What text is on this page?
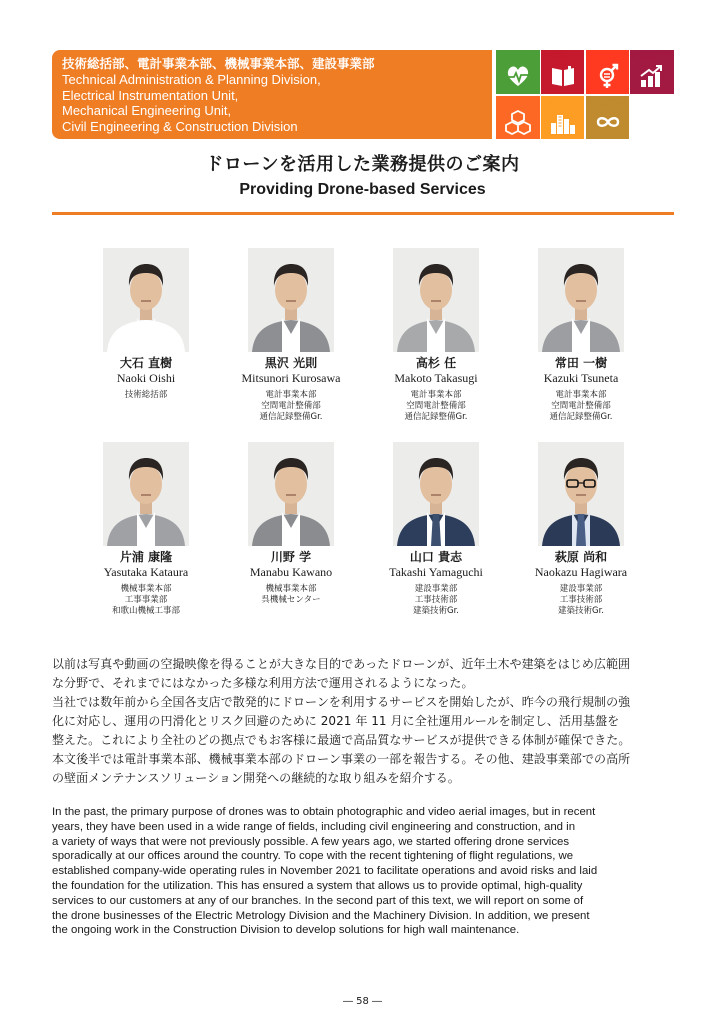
技術総括部、電計事業本部、機械事業本部、建設事業部
Technical Administration & Planning Division,
Electrical Instrumentation Unit,
Mechanical Engineering Unit,
Civil Engineering & Construction Division
3 GOOD HEALTH AND WELL-BEING	4 QUALITY EDUCATION	5 GENDER EQUALITY 8 DECENT WORK AND ECONOMIC GROWTH
9 INDUSTRY, INNOVATION AND INFRASTRUCTURE 11
SUSTAINABLE CITIES AND COMMUNITIES	12
RESPONSIBLE CONSUMPTION AND PRODUCTION
ドローンを活用した業務提供のご案内
Providing Drone-based Services
大石 直樹
Naoki Oishi
技術総括部
黒沢 光則
Mitsunori Kurosawa
電計事業本部
空間電計整備部
通信記録整備Gr.
高杉 任
Makoto Takasugi
電計事業本部
空間電計整備部
通信記録整備Gr.
常田 一樹
Kazuki Tsuneta
電計事業本部
空間電計整備部
通信記録整備Gr.
片浦 康隆
Yasutaka Kataura
機械事業本部
工事事業部
和歌山機械工事部
川野 学
Manabu Kawano
機械事業本部
呉機械センター
山口 貴志
Takashi Yamaguchi
建設事業部
工事技術部
建築技術Gr.
萩原 尚和
Naokazu Hagiwara
建設事業部
工事技術部
建築技術Gr.

以前は写真や動画の空撮映像を得ることが大きな目的であったドローンが、近年土木や建築をはじめ広範囲

な分野で、それまでにはなかった多様な利用方法で運用されるようになった。

当社では数年前から全国各支店で散発的にドローンを利用するサービスを開始したが、昨今の飛行規制の強

化に対応し、運用の円滑化とリスク回避のために 2021 年 11 月に全社運用ルールを制定し、活用基盤を

整えた。これにより全社のどの拠点でもお客様に最適で高品質なサービスが提供できる体制が確保できた。

本文後半では電計事業本部、機械事業本部のドローン事業の一部を報告する。その他、建設事業部での高所

の壁面メンテナンスソリューション開発への継続的な取り組みを紹介する。

In the past, the primary purpose of drones was to obtain photographic and video aerial images, but in recent

years, they have been used in a wide range of fields, including civil engineering and construction, and in

a variety of ways that were not previously possible. A few years ago, we started offering drone services

sporadically at our offices around the country. To cope with the recent tightening of flight regulations, we

established company-wide operating rules in November 2021 to facilitate operations and avoid risks and laid

the foundation for the utilization. This has ensured a system that allows us to provide optimal, high-quality

services to our customers at any of our branches. In the second part of this text, we will report on some of

the drone businesses of the Electric Metrology Division and the Machinery Division. In addition, we present

the ongoing work in the Construction Division to develop solutions for high wall maintenance.

― 58 ―
